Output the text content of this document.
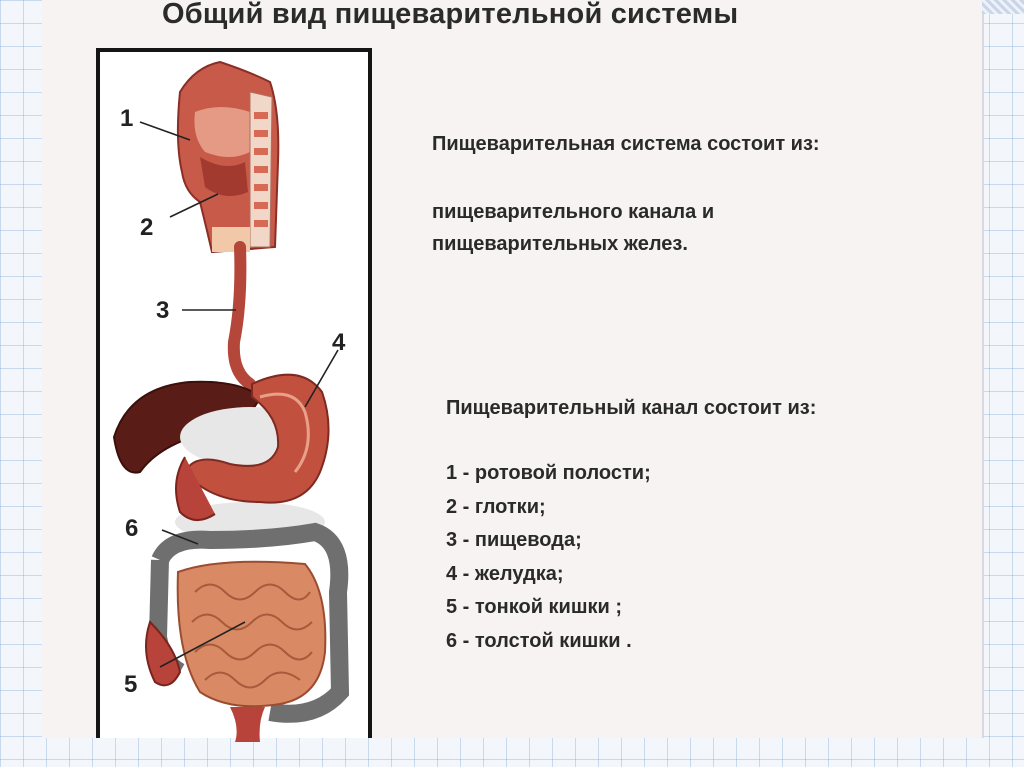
Общий вид пищеварительной системы
1
2
3
4
5
6
Пищеварительная система состоит из:
пищеварительного канала и
пищеварительных желез.
Пищеварительный канал состоит из:
1 - ротовой полости;
2 - глотки;
3 - пищевода;
4 - желудка;
5 - тонкой кишки ;
6 - толстой кишки .
